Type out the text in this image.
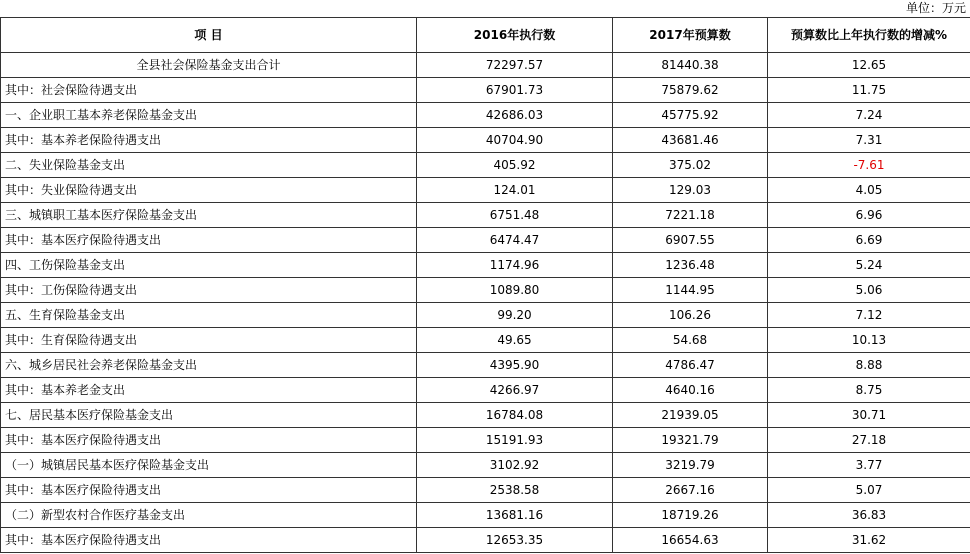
单位：万元
项 目	2016年执行数	2017年预算数	预算数比上年执行数的增减%
全县社会保险基金支出合计	72297.57	81440.38	12.65
其中：社会保险待遇支出	67901.73	75879.62	11.75
一、企业职工基本养老保险基金支出	42686.03	45775.92	7.24
其中：基本养老保险待遇支出	40704.90	43681.46	7.31
二、失业保险基金支出	405.92	375.02	-7.61
其中：失业保险待遇支出	124.01	129.03	4.05
三、城镇职工基本医疗保险基金支出	6751.48	7221.18	6.96
其中：基本医疗保险待遇支出	6474.47	6907.55	6.69
四、工伤保险基金支出	1174.96	1236.48	5.24
其中：工伤保险待遇支出	1089.80	1144.95	5.06
五、生育保险基金支出	99.20	106.26	7.12
其中：生育保险待遇支出	49.65	54.68	10.13
六、城乡居民社会养老保险基金支出	4395.90	4786.47	8.88
其中：基本养老金支出	4266.97	4640.16	8.75
七、居民基本医疗保险基金支出	16784.08	21939.05	30.71
其中：基本医疗保险待遇支出	15191.93	19321.79	27.18
（一）城镇居民基本医疗保险基金支出	3102.92	3219.79	3.77
其中：基本医疗保险待遇支出	2538.58	2667.16	5.07
（二）新型农村合作医疗基金支出	13681.16	18719.26	36.83
其中：基本医疗保险待遇支出	12653.35	16654.63	31.62
